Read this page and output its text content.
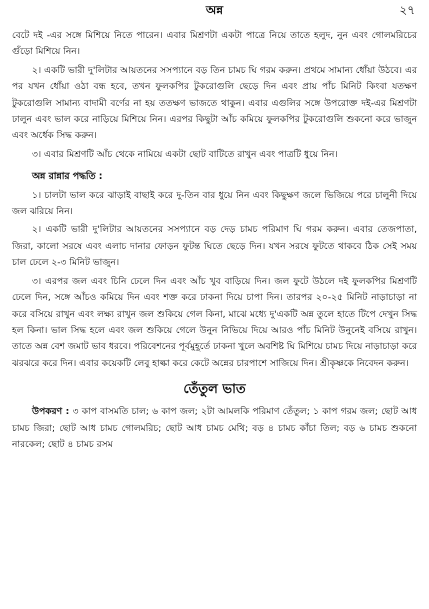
অন্ন	২৭

বেটে দই -এর সঙ্গে মিশিয়ে নিতে পারেন। এবার মিশ্রণটা একটা পাত্রে নিয়ে তাতে হলুদ, নুন এবং গোলমরিচের গুঁড়ো মিশিয়ে নিন।

২। একটি ভারী দু'লিটার আয়তনের সসপ্যানে বড় তিন চামচ ঘি গরম করুন। প্রথমে সামান্য ধোঁয়া উঠবে। এর পর যখন ধোঁয়া ওঠা বন্ধ হবে, তখন ফুলকপির টুকরোগুলি ছেড়ে দিন এবং প্রায় পাঁচ মিনিট কিংবা যতক্ষণ টুকরোগুলি সামান্য বাদামী বর্ণের না হয় ততক্ষণ ভাজতে থাকুন। এবার এগুলির সঙ্গে উপরোক্ত দই-এর মিশ্রণটা ঢালুন এবং ভাল করে নাড়িয়ে মিশিয়ে নিন। এরপর কিছুটা আঁচ কমিয়ে ফুলকপির টুকরোগুলি শুকনো করে ভাজুন এবং অর্ধেক সিদ্ধ করুন।

৩। এবার মিশ্রণটি আঁচ থেকে নামিয়ে একটা ছোট বাটিতে রাখুন এবং পাত্রটি ধুয়ে নিন।

অন্ন রান্নার পদ্ধতি :

১। চালটা ভাল করে ঝাড়াই বাছাই করে দু-তিন বার ধুয়ে নিন এবং কিছুক্ষণ জলে ভিজিয়ে পরে চালুনী দিয়ে জল ঝরিয়ে নিন।

২। একটি ভারী দু'লিটার আয়তনের সসপ্যানে বড় দেড় চামচ পরিমাণ ঘি গরম করুন। এবার তেজপাতা, জিরা, কালো সরষে এবং এলাচ দানার ফোড়ন ফুটন্ত ঘিতে ছেড়ে দিন। যখন সরষে ফুটতে থাকবে ঠিক সেই সময় চাল ঢেলে ২-৩ মিনিট ভাজুন।

৩। এরপর জল এবং চিনি ঢেলে দিন এবং আঁচ খুব বাড়িয়ে দিন। জল ফুটে উঠলে দই ফুলকপির মিশ্রণটি ঢেলে দিন, সঙ্গে আঁচও কমিয়ে দিন এবং শক্ত করে ঢাকনা দিয়ে চাপা দিন। তারপর ২০-২৫ মিনিট নাড়াচাড়া না করে বসিয়ে রাখুন এবং লক্ষ্য রাখুন জল শুকিয়ে গেল কিনা, মাঝে মধ্যে দু'একটি অন্ন তুলে হাতে টিপে দেখুন সিদ্ধ হল কিনা। ভাল সিদ্ধ হলে এবং জল শুকিয়ে গেলে উনুন নিভিয়ে দিয়ে আরও পাঁচ মিনিট উনুনেই বসিয়ে রাখুন। তাতে অন্ন বেশ জমাট ভাব ধরবে। পরিবেশনের পূর্বমুহূর্তে ঢাকনা খুলে অবশিষ্ট ঘি মিশিয়ে চামচ দিয়ে নাড়াচাড়া করে ঝরঝরে করে দিন। এবার কয়েকটি লেবু হাল্কা করে কেটে অন্নের চারপাশে সাজিয়ে দিন। শ্রীকৃষ্ণকে নিবেদন করুন।

তেঁতুল ভাত

উপকরণ : ৩ কাপ বাসমতি চাল; ৬ কাপ জল; ২টা আমলকি পরিমাণ তেঁতুল; ১ কাপ গরম জল; ছোট আধ চামচ জিরা; ছোট আধ চামচ গোলমরিচ; ছোট আধ চামচ মেথি; বড় ৪ চামচ কাঁচা তিল; বড় ৬ চামচ শুকনো নারকেল; ছোট ৪ চামচ রসম
